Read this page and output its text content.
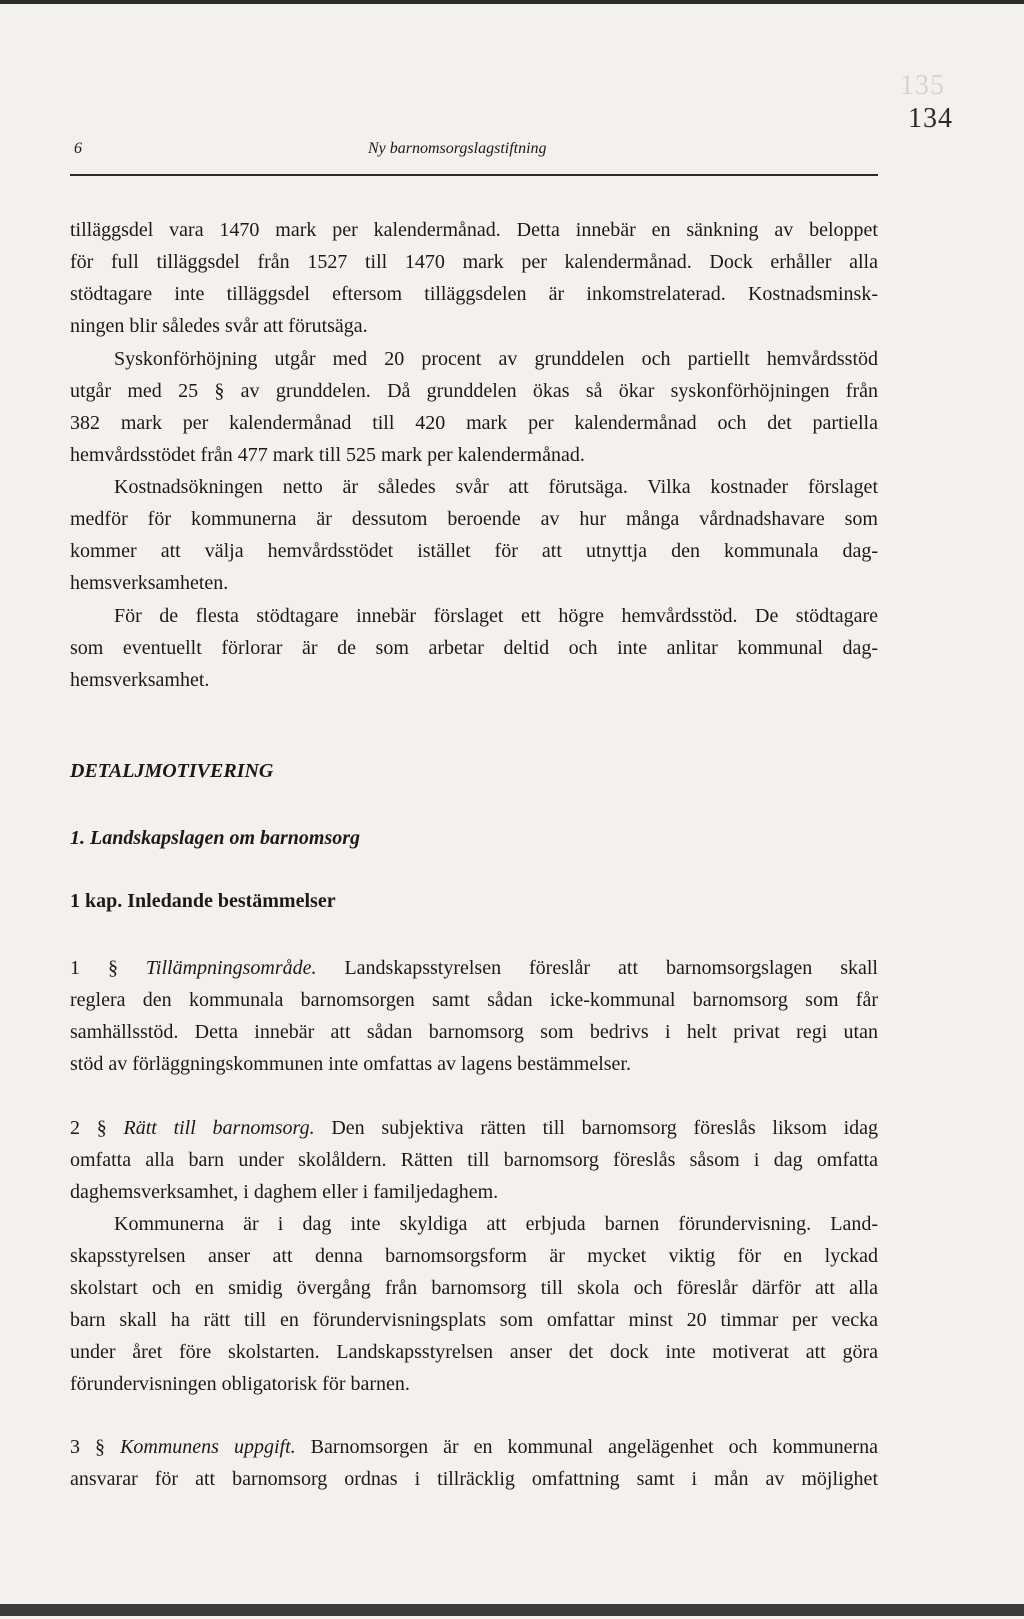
135
134
6	Ny barnomsorgslagstiftning
tilläggsdel vara 1470 mark per kalendermånad. Detta innebär en sänkning av beloppet
för full tilläggsdel från 1527 till 1470 mark per kalendermånad. Dock erhåller alla
stödtagare inte tilläggsdel eftersom tilläggsdelen är inkomstrelaterad. Kostnadsminsk-
ningen blir således svår att förutsäga.
Syskonförhöjning utgår med 20 procent av grunddelen och partiellt hemvårdsstöd
utgår med 25 § av grunddelen. Då grunddelen ökas så ökar syskonförhöjningen från
382 mark per kalendermånad till 420 mark per kalendermånad och det partiella
hemvårdsstödet från 477 mark till 525 mark per kalendermånad.
Kostnadsökningen netto är således svår att förutsäga. Vilka kostnader förslaget
medför för kommunerna är dessutom beroende av hur många vårdnadshavare som
kommer att välja hemvårdsstödet istället för att utnyttja den kommunala dag-
hemsverksamheten.
För de flesta stödtagare innebär förslaget ett högre hemvårdsstöd. De stödtagare
som eventuellt förlorar är de som arbetar deltid och inte anlitar kommunal dag-
hemsverksamhet.
DETALJMOTIVERING
1. Landskapslagen om barnomsorg
1 kap. Inledande bestämmelser
1 § Tillämpningsområde. Landskapsstyrelsen föreslår att barnomsorgslagen skall
reglera den kommunala barnomsorgen samt sådan icke-kommunal barnomsorg som får
samhällsstöd. Detta innebär att sådan barnomsorg som bedrivs i helt privat regi utan
stöd av förläggningskommunen inte omfattas av lagens bestämmelser.
2 § Rätt till barnomsorg. Den subjektiva rätten till barnomsorg föreslås liksom idag
omfatta alla barn under skolåldern. Rätten till barnomsorg föreslås såsom i dag omfatta
daghemsverksamhet, i daghem eller i familjedaghem.
Kommunerna är i dag inte skyldiga att erbjuda barnen förundervisning. Land-
skapsstyrelsen anser att denna barnomsorgsform är mycket viktig för en lyckad
skolstart och en smidig övergång från barnomsorg till skola och föreslår därför att alla
barn skall ha rätt till en förundervisningsplats som omfattar minst 20 timmar per vecka
under året före skolstarten. Landskapsstyrelsen anser det dock inte motiverat att göra
förundervisningen obligatorisk för barnen.
3 § Kommunens uppgift. Barnomsorgen är en kommunal angelägenhet och kommunerna
ansvarar för att barnomsorg ordnas i tillräcklig omfattning samt i mån av möjlighet
